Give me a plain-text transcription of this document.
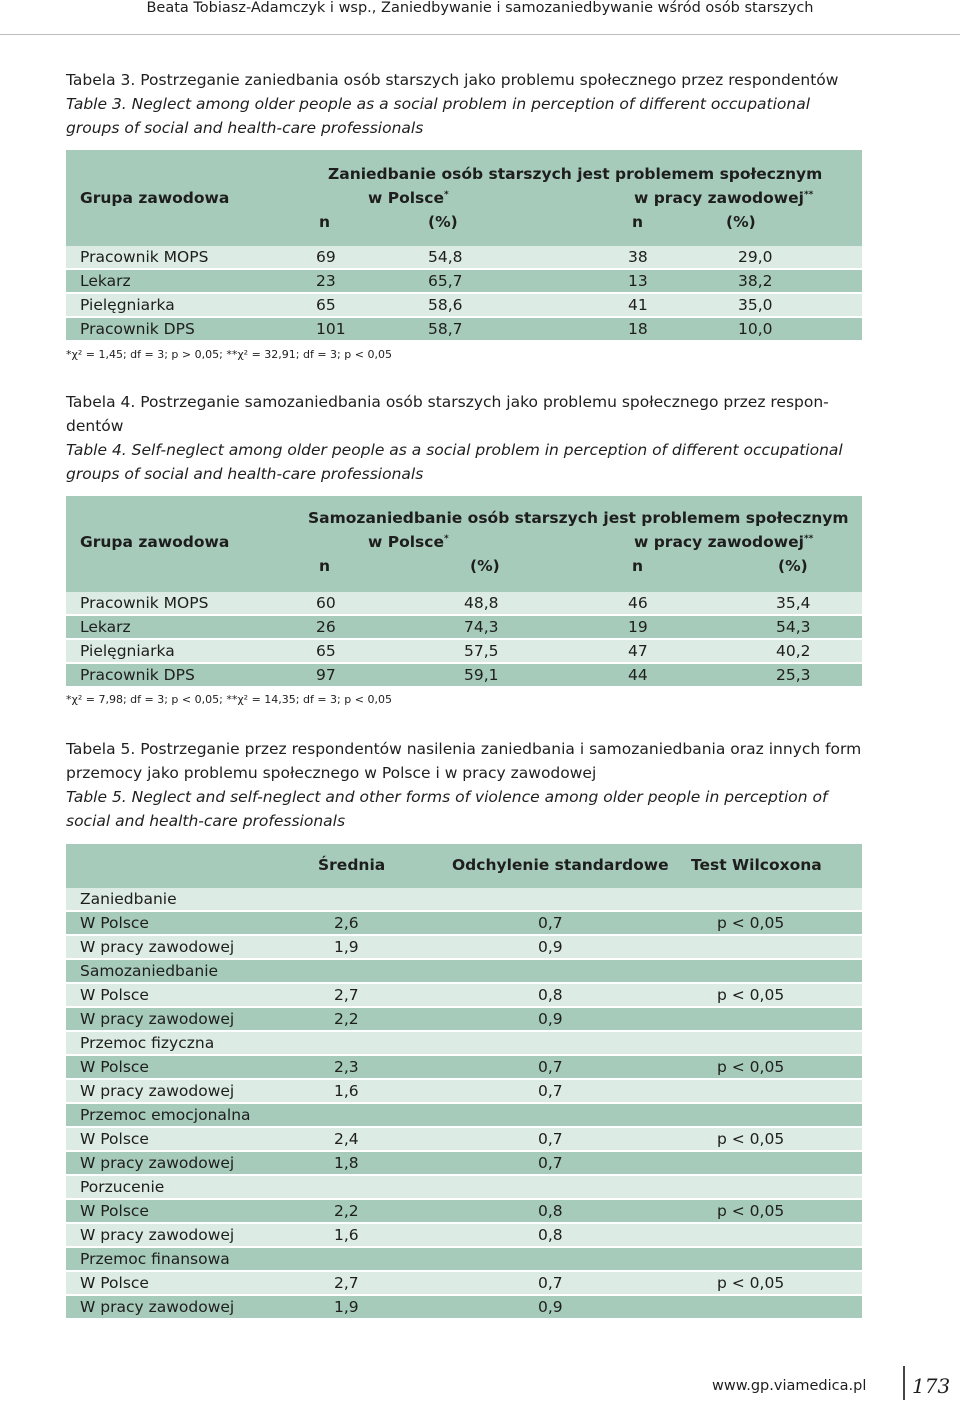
Beata Tobiasz-Adamczyk i wsp., Zaniedbywanie i samozaniedbywanie wśród osób starszych

Tabela 3. Postrzeganie zaniedbania osób starszych jako problemu społecznego przez respondentów

Table 3. Neglect among older people as a social problem in perception of different occupational groups of social and health-care professionals

Grupa zawodowa
Zaniedbanie osób starszych jest problemem społecznym
w Polsce*	w pracy zawodowej**
n	(%)	n	(%)
Pracownik MOPS	69	54,8	38	29,0
Lekarz	23	65,7	13	38,2
Pielęgniarka	65	58,6	41	35,0
Pracownik DPS	101	58,7	18	10,0
*χ² = 1,45; df = 3; p > 0,05; **χ² = 32,91; df = 3; p < 0,05

Tabela 4. Postrzeganie samozaniedbania osób starszych jako problemu społecznego przez respon-dentów

Table 4. Self-neglect among older people as a social problem in perception of different occupational groups of social and health-care professionals

Grupa zawodowa
Samozaniedbanie osób starszych jest problemem społecznym
w Polsce*	w pracy zawodowej**
n	(%)	n	(%)
Pracownik MOPS	60	48,8	46	35,4
Lekarz	26	74,3	19	54,3
Pielęgniarka	65	57,5	47	40,2
Pracownik DPS	97	59,1	44	25,3
*χ² = 7,98; df = 3; p < 0,05; **χ² = 14,35; df = 3; p < 0,05

Tabela 5. Postrzeganie przez respondentów nasilenia zaniedbania i samozaniedbania oraz innych form przemocy jako problemu społecznego w Polsce i w pracy zawodowej

Table 5. Neglect and self-neglect and other forms of violence among older people in perception of social and health-care professionals

Średnia	Odchylenie standardowe Test Wilcoxona
Zaniedbanie
W Polsce	2,6	0,7	p < 0,05
W pracy zawodowej	1,9	0,9
Samozaniedbanie
W Polsce	2,7	0,8	p < 0,05
W pracy zawodowej	2,2	0,9
Przemoc fizyczna
W Polsce	2,3	0,7	p < 0,05
W pracy zawodowej	1,6	0,7
Przemoc emocjonalna
W Polsce	2,4	0,7	p < 0,05
W pracy zawodowej	1,8	0,7
Porzucenie
W Polsce	2,2	0,8	p < 0,05
W pracy zawodowej	1,6	0,8
Przemoc finansowa
W Polsce	2,7	0,7	p < 0,05
W pracy zawodowej	1,9	0,9
www.gp.viamedica.pl 173
